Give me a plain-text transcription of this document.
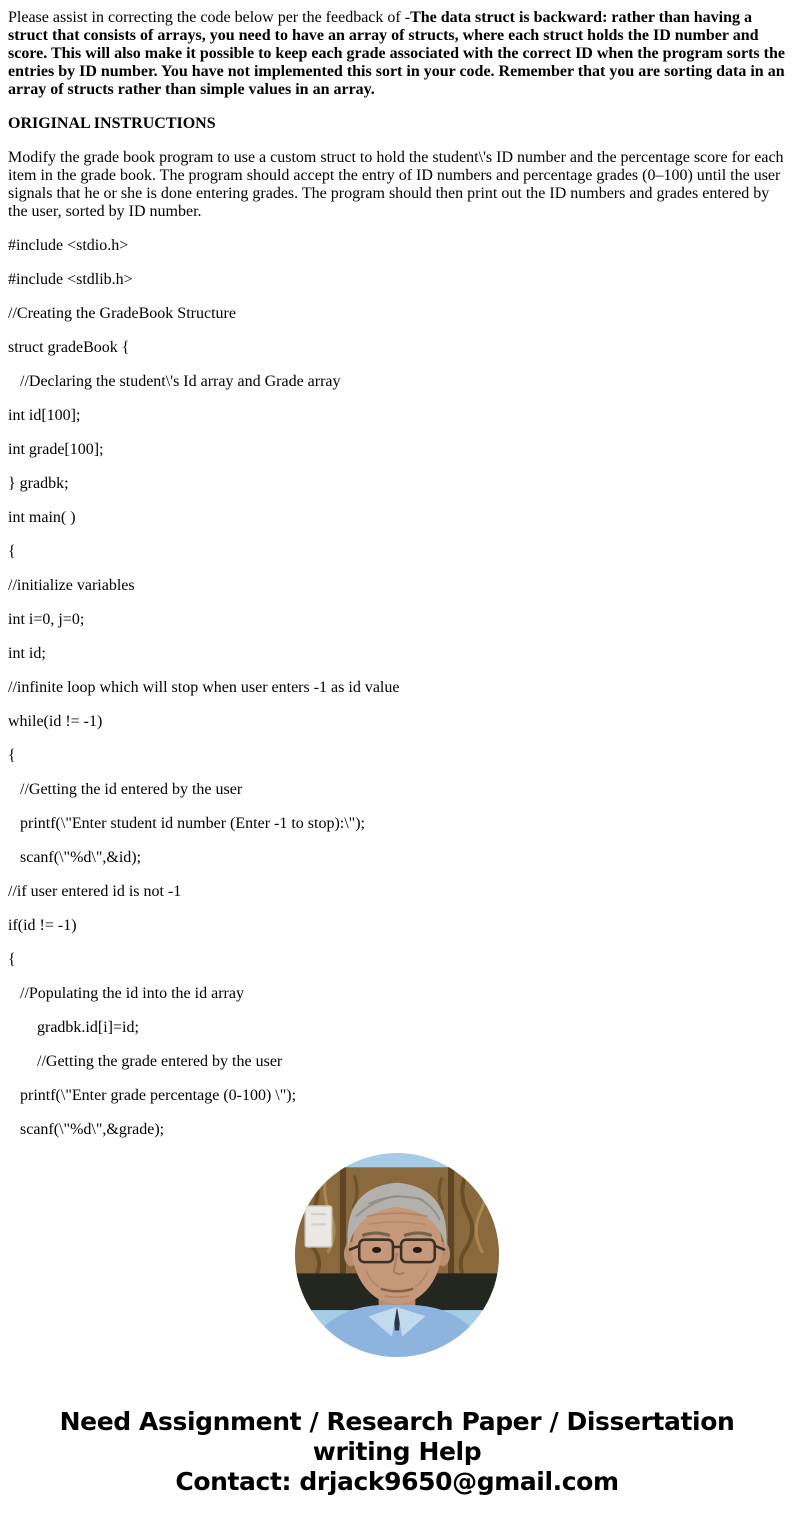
Please assist in correcting the code below per the feedback of -The data struct is backward: rather than having a struct that consists of arrays, you need to have an array of structs, where each struct holds the ID number and score. This will also make it possible to keep each grade associated with the correct ID when the program sorts the entries by ID number. You have not implemented this sort in your code. Remember that you are sorting data in an array of structs rather than simple values in an array.

ORIGINAL INSTRUCTIONS

Modify the grade book program to use a custom struct to hold the student\'s ID number and the percentage score for each item in the grade book. The program should accept the entry of ID numbers and percentage grades (0–100) until the user signals that he or she is done entering grades. The program should then print out the ID numbers and grades entered by the user, sorted by ID number.

#include <stdio.h>

#include <stdlib.h>

//Creating the GradeBook Structure

struct gradeBook {

//Declaring the student\'s Id array and Grade array

int id[100];

int grade[100];

} gradbk;

int main( )

{

//initialize variables

int i=0, j=0;

int id;

//infinite loop which will stop when user enters -1 as id value

while(id != -1)

{

//Getting the id entered by the user

printf(\"Enter student id number (Enter -1 to stop):\");

scanf(\"%d\",&id);

//if user entered id is not -1

if(id != -1)

{

//Populating the id into the id array

gradbk.id[i]=id;

//Getting the grade entered by the user

printf(\"Enter grade percentage (0-100) \");

scanf(\"%d\",&grade);

Need Assignment / Research Paper / Dissertation writing Help
Contact: drjack9650@gmail.com
